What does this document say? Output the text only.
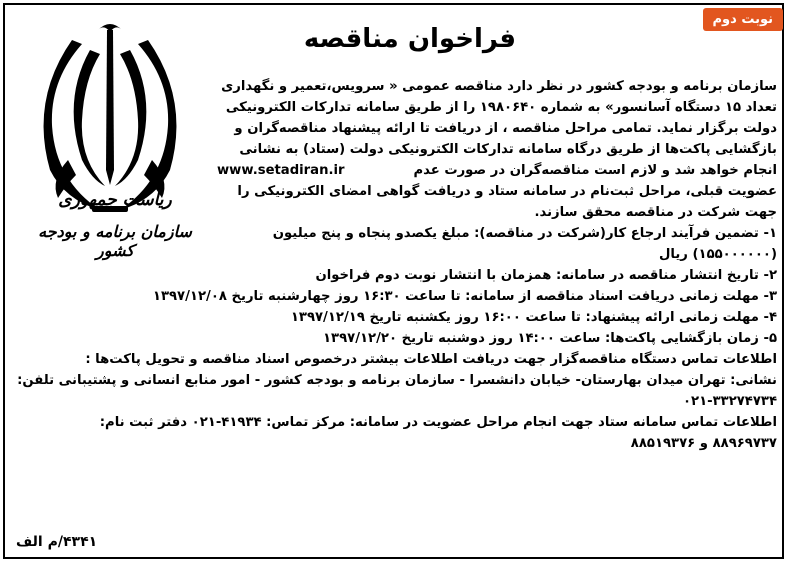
نوبت دوم
فراخوان مناقصه
ریاست جمهوری
سازمان برنامه و بودجه کشور
سازمان برنامه و بودجه کشور در نظر دارد مناقصه عمومی « سرویس،تعمیر و نگهداری
تعداد ۱۵ دستگاه آسانسور» به شماره ۱۹۸۰۶۴۰ را از طریق سامانه تدارکات الکترونیکی
دولت برگزار نماید. تمامی مراحل مناقصه ، از دریافت تا ارائه پیشنهاد مناقصه‌گران و
بازگشایی پاکت‌ها از طریق درگاه سامانه تدارکات الکترونیکی دولت (ستاد) به نشانی
www.setadiran.ir	انجام خواهد شد و لازم است مناقصه‌گران در صورت عدم
عضویت قبلی، مراحل ثبت‌نام در سامانه ستاد و دریافت گواهی امضای الکترونیکی را
جهت شرکت در مناقصه محقق سازند.
۱- تضمین فرآیند ارجاع کار(شرکت در مناقصه): مبلغ یکصدو پنجاه و پنج میلیون
(۱۵۵۰۰۰۰۰۰) ریال
۲- تاریخ انتشار مناقصه در سامانه: همزمان با انتشار نوبت دوم فراخوان
۳- مهلت زمانی دریافت اسناد مناقصه از سامانه: تا ساعت ۱۶:۳۰ روز چهارشنبه تاریخ ۱۳۹۷/۱۲/۰۸
۴- مهلت زمانی ارائه پیشنهاد: تا ساعت ۱۶:۰۰ روز یکشنبه تاریخ ۱۳۹۷/۱۲/۱۹
۵- زمان بازگشایی پاکت‌ها: ساعت ۱۴:۰۰ روز دوشنبه تاریخ ۱۳۹۷/۱۲/۲۰
اطلاعات تماس دستگاه مناقصه‌گزار جهت دریافت اطلاعات بیشتر درخصوص اسناد مناقصه و تحویل پاکت‌ها :
نشانی: تهران میدان بهارستان- خیابان دانشسرا - سازمان برنامه و بودجه کشور - امور منابع انسانی و پشتیبانی تلفن:
۰۲۱-۳۳۲۷۴۷۳۴
اطلاعات تماس سامانه ستاد جهت انجام مراحل عضویت در سامانه: مرکز تماس: ۴۱۹۳۴-۰۲۱ دفتر ثبت نام:
۸۸۹۶۹۷۳۷ و ۸۸۵۱۹۳۷۶
۴۳۴۱/م الف
